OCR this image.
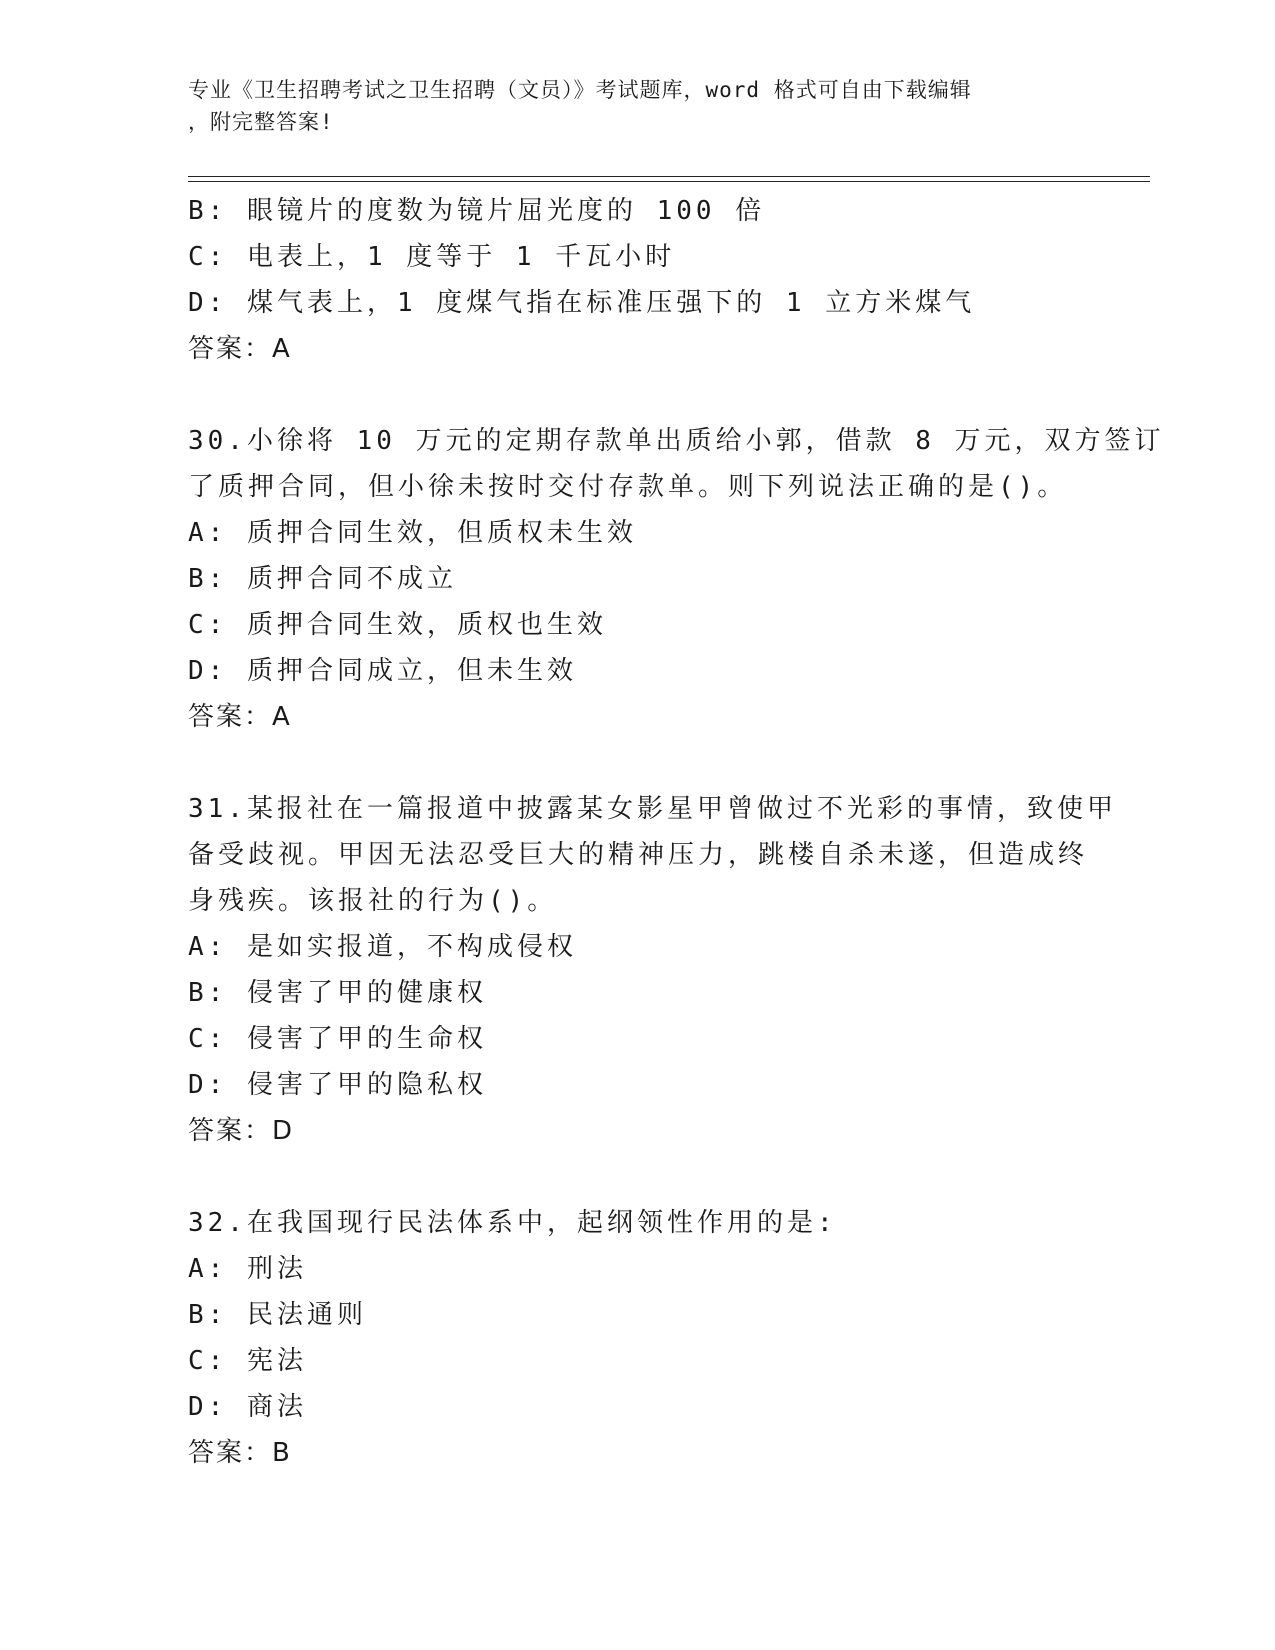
专业《卫生招聘考试之卫生招聘（文员）》考试题库，word 格式可自由下载编辑
，附完整答案!
B: 眼镜片的度数为镜片屈光度的 100 倍
C: 电表上，1 度等于 1 千瓦小时
D: 煤气表上，1 度煤气指在标准压强下的 1 立方米煤气
答案：A
30.小徐将 10 万元的定期存款单出质给小郭，借款 8 万元，双方签订
了质押合同，但小徐未按时交付存款单。则下列说法正确的是()。
A: 质押合同生效，但质权未生效
B: 质押合同不成立
C: 质押合同生效，质权也生效
D: 质押合同成立，但未生效
答案：A
31.某报社在一篇报道中披露某女影星甲曾做过不光彩的事情，致使甲
备受歧视。甲因无法忍受巨大的精神压力，跳楼自杀未遂，但造成终
身残疾。该报社的行为()。
A: 是如实报道，不构成侵权
B: 侵害了甲的健康权
C: 侵害了甲的生命权
D: 侵害了甲的隐私权
答案：D
32.在我国现行民法体系中，起纲领性作用的是:
A: 刑法
B: 民法通则
C: 宪法
D: 商法
答案：B
